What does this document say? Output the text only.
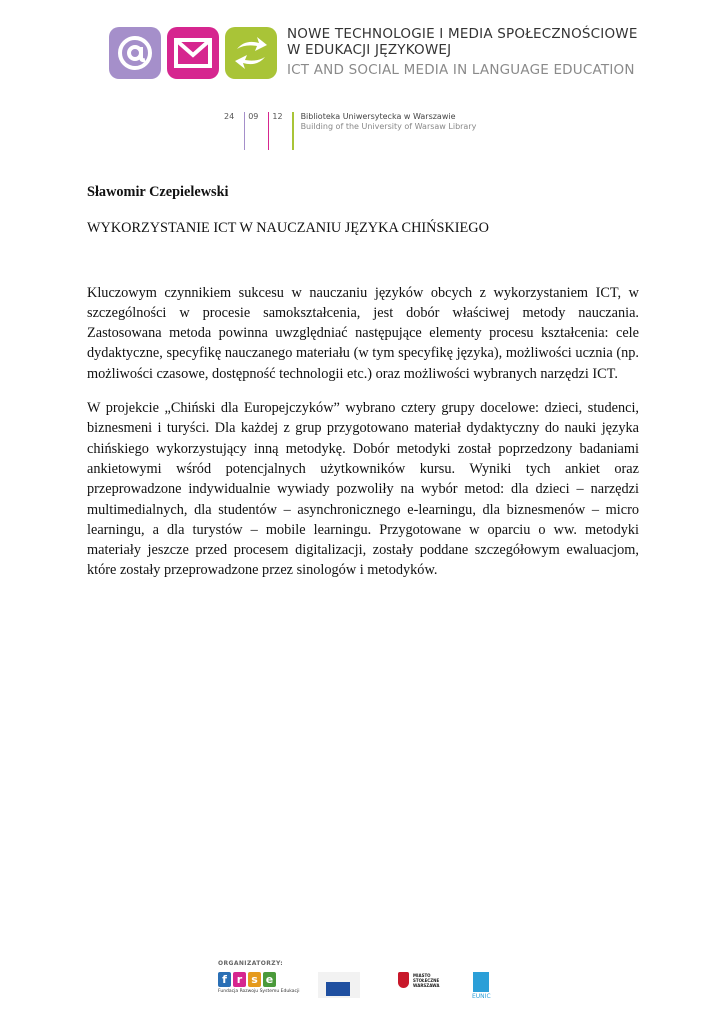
NOWE TECHNOLOGIE I MEDIA SPOŁECZNOŚCIOWE
W EDUKACJI JĘZYKOWEJ
ICT AND SOCIAL MEDIA IN LANGUAGE EDUCATION
24	09	12	Biblioteka Uniwersytecka w Warszawie
Building of the University of Warsaw Library

Sławomir Czepielewski

WYKORZYSTANIE ICT W NAUCZANIU JĘZYKA CHIŃSKIEGO

Kluczowym czynnikiem sukcesu w nauczaniu języków obcych z wykorzystaniem ICT, w szczególności w procesie samokształcenia, jest dobór właściwej metody nauczania. Zastosowana metoda powinna uwzględniać następujące elementy procesu kształcenia: cele dydaktyczne, specyfikę nauczanego materiału (w tym specyfikę języka), możliwości ucznia (np. możliwości czasowe, dostępność technologii etc.) oraz możliwości wybranych narzędzi ICT.

W projekcie „Chiński dla Europejczyków” wybrano cztery grupy docelowe: dzieci, studenci, biznesmeni i turyści. Dla każdej z grup przygotowano materiał dydaktyczny do nauki języka chińskiego wykorzystujący inną metodykę. Dobór metodyki został poprzedzony badaniami ankietowymi wśród potencjalnych użytkowników kursu. Wyniki tych ankiet oraz przeprowadzone indywidualnie wywiady pozwoliły na wybór metod: dla dzieci – narzędzi multimedialnych, dla studentów – asynchronicznego e-learningu, dla biznesmenów – micro learningu, a dla turystów – mobile learningu. Przygotowane w oparciu o ww. metodyki materiały jeszcze przed procesem digitalizacji, zostały poddane szczegółowym ewaluacjom, które zostały przeprowadzone przez sinologów i metodyków.

ORGANIZATORZY:
f r s e
Fundacja Rozwoju Systemu Edukacji
MIASTO
STOŁECZNE
WARSZAWA
EUNIC
